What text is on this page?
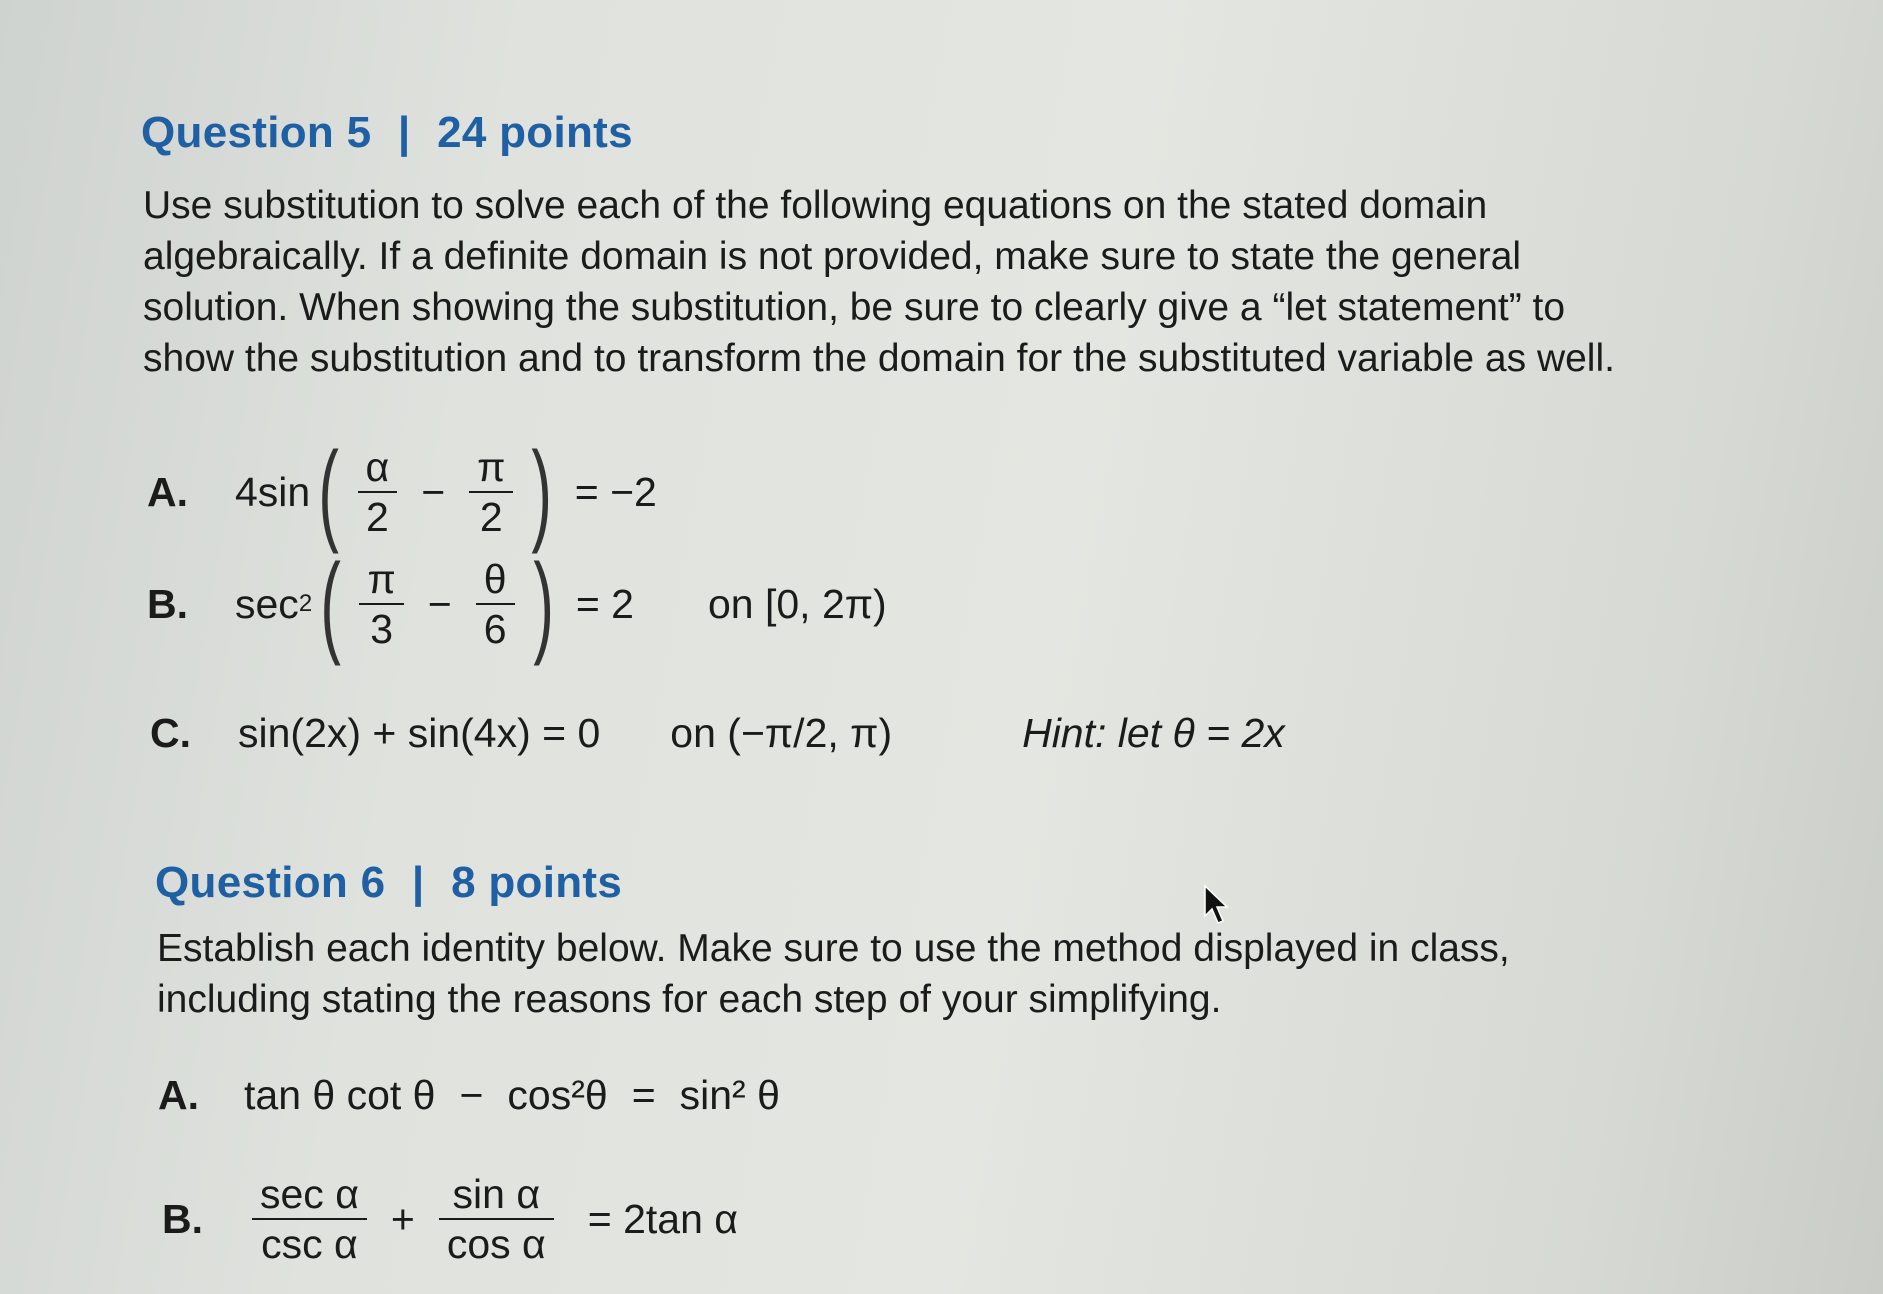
Question 5 | 24 points
Use substitution to solve each of the following equations on the stated domain
algebraically. If a definite domain is not provided, make sure to state the general
solution. When showing the substitution, be sure to clearly give a “let statement” to
show the substitution and to transform the domain for the substituted variable as well.
A.	4sin ( $\frac{\alpha}{2} - \frac{\pi}{2}$ ) = −2
B.	sec 2 ( $\frac{\pi}{3} - \frac{\theta}{6}$ ) = 2 on [0, 2π)
C.	sin(2x) + sin(4x) = 0 on (−π/2, π)	Hint: let θ = 2x
Question 6 | 8 points
Establish each identity below. Make sure to use the method displayed in class,
including stating the reasons for each step of your simplifying.
A.	tan θ cot θ − cos²θ = sin² θ
B.	$\frac{\text{sec α}}{\text{csc α}} + \frac{\text{sin α}}{\text{cos α}} = 2\tan$ α
